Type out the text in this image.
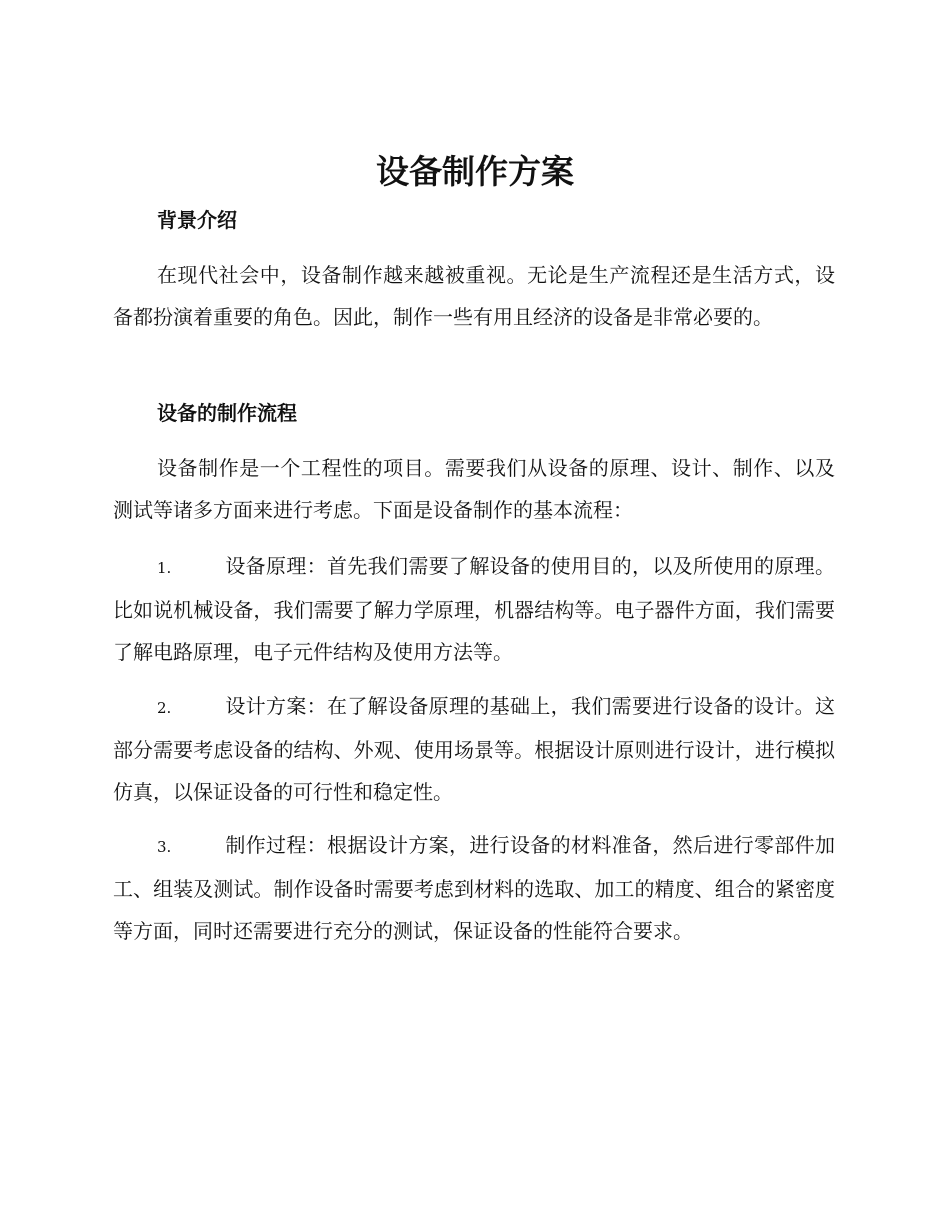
设备制作方案
背景介绍
在现代社会中，设备制作越来越被重视。无论是生产流程还是生活方式，设备都扮演着重要的角色。因此，制作一些有用且经济的设备是非常必要的。
设备的制作流程
设备制作是一个工程性的项目。需要我们从设备的原理、设计、制作、以及测试等诸多方面来进行考虑。下面是设备制作的基本流程：
1.	设备原理：首先我们需要了解设备的使用目的，以及所使用的原理。比如说机械设备，我们需要了解力学原理，机器结构等。电子器件方面，我们需要了解电路原理，电子元件结构及使用方法等。
2.	设计方案：在了解设备原理的基础上，我们需要进行设备的设计。这部分需要考虑设备的结构、外观、使用场景等。根据设计原则进行设计，进行模拟仿真，以保证设备的可行性和稳定性。
3.	制作过程：根据设计方案，进行设备的材料准备，然后进行零部件加工、组装及测试。制作设备时需要考虑到材料的选取、加工的精度、组合的紧密度等方面，同时还需要进行充分的测试，保证设备的性能符合要求。
